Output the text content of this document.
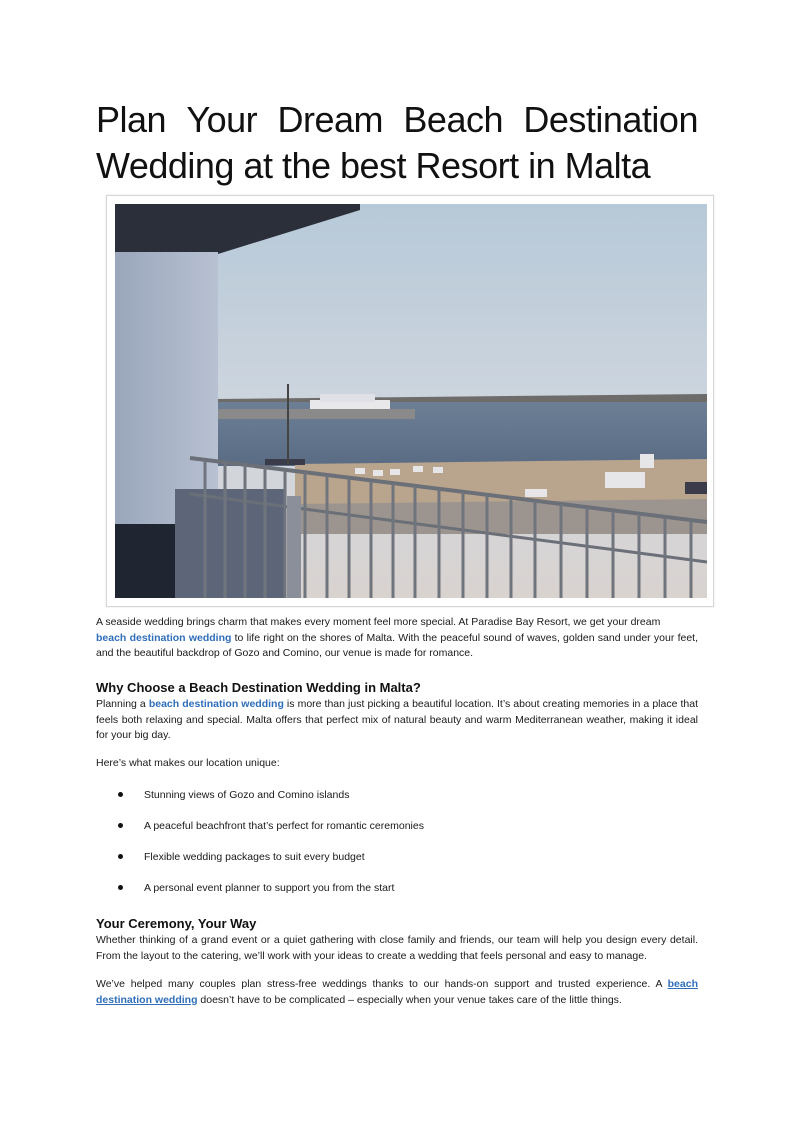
Plan Your Dream Beach Destination
Wedding at the best Resort in Malta

A seaside wedding brings charm that makes every moment feel more special. At Paradise Bay Resort, we get your dream
beach destination wedding to life right on the shores of Malta. With the peaceful sound of waves, golden sand under your feet, and the beautiful backdrop of Gozo and Comino, our venue is made for romance.

Why Choose a Beach Destination Wedding in Malta?

Planning a beach destination wedding is more than just picking a beautiful location. It’s about creating memories in a place that feels both relaxing and special. Malta offers that perfect mix of natural beauty and warm Mediterranean weather, making it ideal for your big day.

Here’s what makes our location unique:

Stunning views of Gozo and Comino islands
A peaceful beachfront that’s perfect for romantic ceremonies
Flexible wedding packages to suit every budget
A personal event planner to support you from the start
Your Ceremony, Your Way

Whether thinking of a grand event or a quiet gathering with close family and friends, our team will help you design every detail. From the layout to the catering, we’ll work with your ideas to create a wedding that feels personal and easy to manage.

We’ve helped many couples plan stress-free weddings thanks to our hands-on support and trusted experience. A beach destination wedding doesn’t have to be complicated – especially when your venue takes care of the little things.
